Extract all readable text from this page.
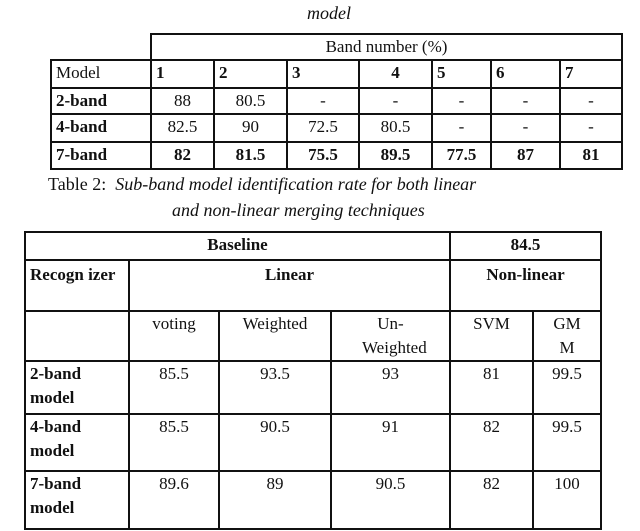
model
	Band number (%)						
Model	1	2	3	4	5	6	7
2-band	88	80.5	-	-	-	-	-
4-band	82.5	90	72.5	80.5	-	-	-
7-band	82	81.5	75.5	89.5	77.5	87	81
Table 2: Sub-band model identification rate for both linear
and non-linear merging techniques
Baseline				84.5	
Recogn izer	Linear			Non-linear	
	voting	Weighted	Un-Weighted	SVM	GM M
2-band model	85.5	93.5	93	81	99.5
4-band model	85.5	90.5	91	82	99.5
7-band model	89.6	89	90.5	82	100
